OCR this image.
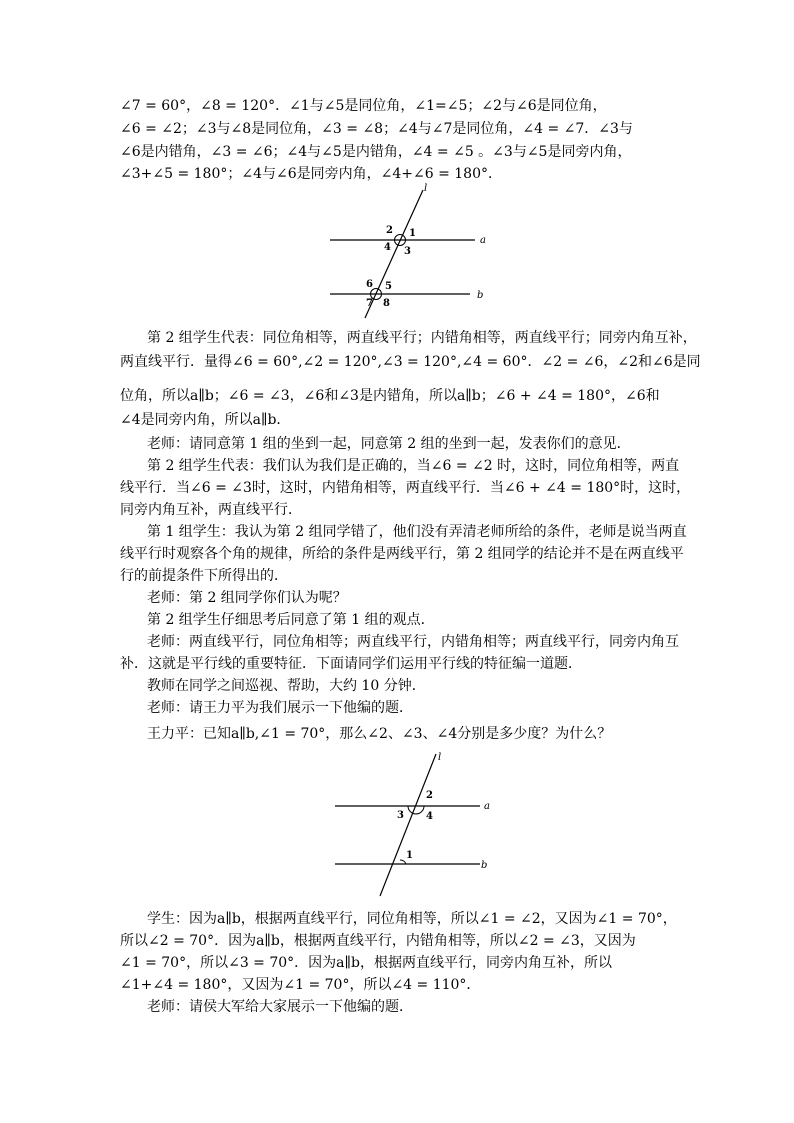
∠7 = 60°，∠8 = 120°．∠1与∠5是同位角，∠1=∠5；∠2与∠6是同位角，
∠6 = ∠2；∠3与∠8是同位角，∠3 = ∠8；∠4与∠7是同位角，∠4 = ∠7．∠3与
∠6是内错角，∠3 = ∠6；∠4与∠5是内错角，∠4 = ∠5 。∠3与∠5是同旁内角，
∠3+∠5 = 180°；∠4与∠6是同旁内角，∠4+∠6 = 180°．
l
a
b
1
2
3
4
5
6
7 8
第 2 组学生代表：同位角相等，两直线平行；内错角相等，两直线平行；同旁内角互补，
两直线平行．量得∠6 = 60°,∠2 = 120°,∠3 = 120°,∠4 = 60°．∠2 = ∠6，∠2和∠6是同
位角，所以a∥b；∠6 = ∠3，∠6和∠3是内错角，所以a∥b；∠6 + ∠4 = 180°，∠6和
∠4是同旁内角，所以a∥b．
老师：请同意第 1 组的坐到一起，同意第 2 组的坐到一起，发表你们的意见．
第 2 组学生代表：我们认为我们是正确的，当∠6 = ∠2 时，这时，同位角相等，两直
线平行．当∠6 = ∠3时，这时，内错角相等，两直线平行．当∠6 + ∠4 = 180°时，这时，
同旁内角互补，两直线平行．
第 1 组学生：我认为第 2 组同学错了，他们没有弄清老师所给的条件，老师是说当两直
线平行时观察各个角的规律，所给的条件是两线平行，第 2 组同学的结论并不是在两直线平
行的前提条件下所得出的．
老师：第 2 组同学你们认为呢？
第 2 组学生仔细思考后同意了第 1 组的观点．
老师：两直线平行，同位角相等；两直线平行，内错角相等；两直线平行，同旁内角互
补．这就是平行线的重要特征．下面请同学们运用平行线的特征编一道题．
教师在同学之间巡视、帮助，大约 10 分钟．
老师：请王力平为我们展示一下他编的题．
王力平：已知a∥b,∠1 = 70°，那么∠2、∠3、∠4分别是多少度？为什么？
l
a
b
1
2
3 4
学生：因为a∥b，根据两直线平行，同位角相等，所以∠1 = ∠2，又因为∠1 = 70°，
所以∠2 = 70°．因为a∥b，根据两直线平行，内错角相等，所以∠2 = ∠3，又因为
∠1 = 70°，所以∠3 = 70°．因为a∥b，根据两直线平行，同旁内角互补，所以
∠1+∠4 = 180°，又因为∠1 = 70°，所以∠4 = 110°．
老师：请侯大军给大家展示一下他编的题．
